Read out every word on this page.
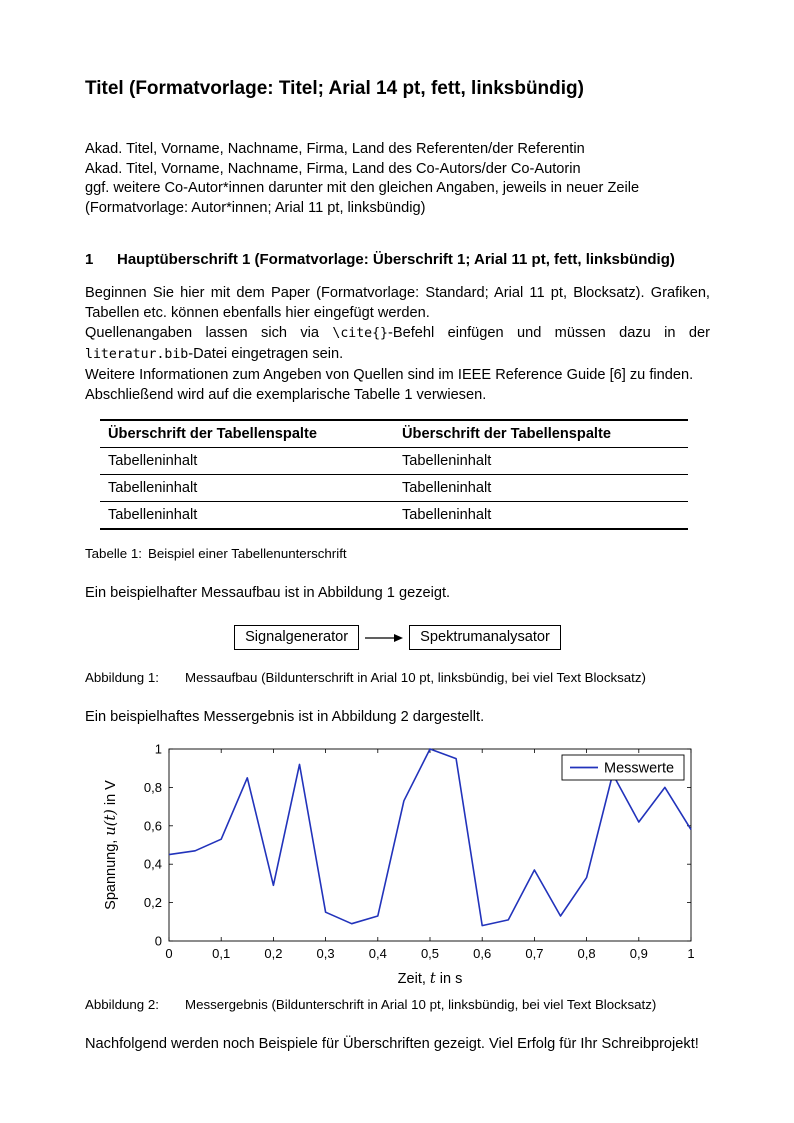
Titel (Formatvorlage: Titel; Arial 14 pt, fett, linksbündig)

Akad. Titel, Vorname, Nachname, Firma, Land des Referenten/der Referentin

Akad. Titel, Vorname, Nachname, Firma, Land des Co-Autors/der Co-Autorin

ggf. weitere Co-Autor*innen darunter mit den gleichen Angaben, jeweils in neuer Zeile

(Formatvorlage: Autor*innen; Arial 11 pt, linksbündig)

1	Hauptüberschrift 1 (Formatvorlage: Überschrift 1; Arial 11 pt, fett, linksbündig)

Beginnen Sie hier mit dem Paper (Formatvorlage: Standard; Arial 11 pt, Blocksatz). Grafiken, Tabellen etc. können ebenfalls hier eingefügt werden.

Quellenangaben lassen sich via \cite{}-Befehl einfügen und müssen dazu in der literatur.bib-Datei eingetragen sein.

Weitere Informationen zum Angeben von Quellen sind im IEEE Reference Guide [6] zu finden.

Abschließend wird auf die exemplarische Tabelle 1 verwiesen.

Überschrift der Tabellenspalte	Überschrift der Tabellenspalte
Tabelleninhalt	Tabelleninhalt
Tabelleninhalt	Tabelleninhalt
Tabelleninhalt	Tabelleninhalt

Tabelle 1: Beispiel einer Tabellenunterschrift

Ein beispielhafter Messaufbau ist in Abbildung 1 gezeigt.

Signalgenerator	Spektrumanalysator

Abbildung 1: Messaufbau (Bildunterschrift in Arial 10 pt, linksbündig, bei viel Text Blocksatz)

Ein beispielhaftes Messergebnis ist in Abbildung 2 dargestellt.

0	0,1	0,2	0,3	0,4	0,5	0,6	0,7	0,8	0,9	1
0
0,2
0,4
0,6
0,8
1
Messwerte
Zeit, t in s
Spannung, u(t) in V

Abbildung 2: Messergebnis (Bildunterschrift in Arial 10 pt, linksbündig, bei viel Text Blocksatz)

Nachfolgend werden noch Beispiele für Überschriften gezeigt. Viel Erfolg für Ihr Schreibprojekt!
